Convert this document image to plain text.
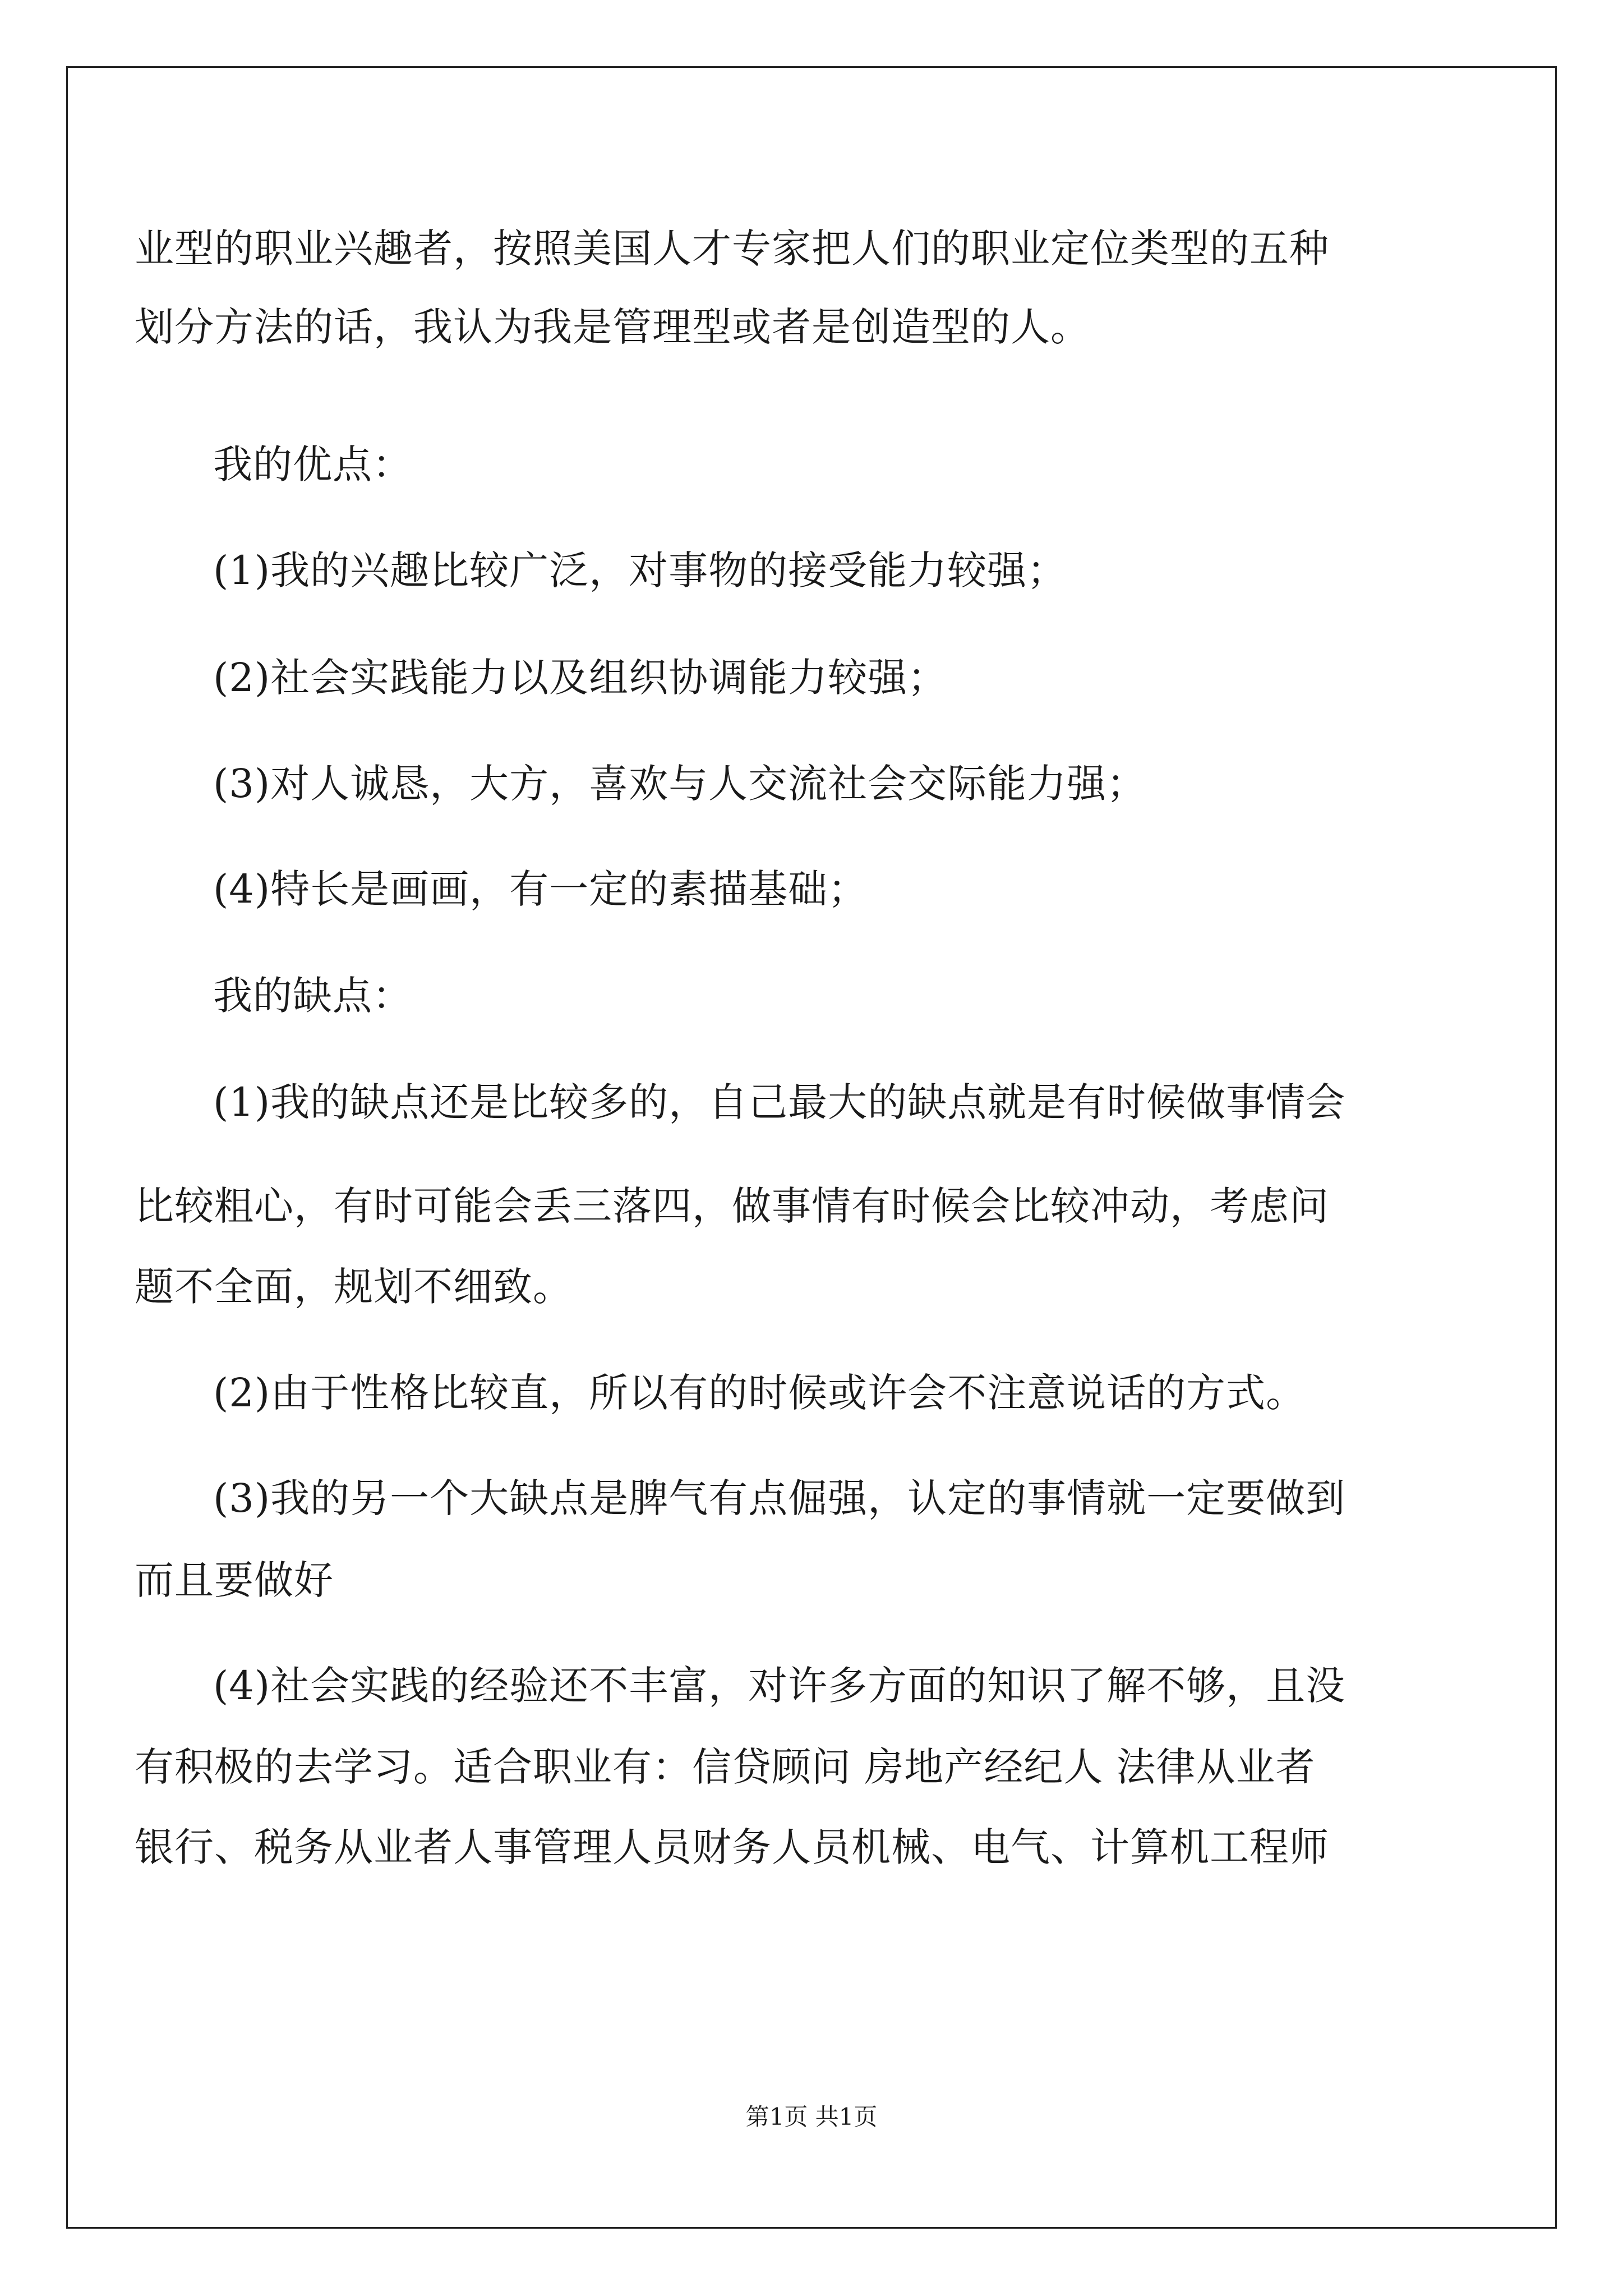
业型的职业兴趣者，按照美国人才专家把人们的职业定位类型的五种
划分方法的话，我认为我是管理型或者是创造型的人。
我的优点：
(1)我的兴趣比较广泛，对事物的接受能力较强；
(2)社会实践能力以及组织协调能力较强；
(3)对人诚恳，大方，喜欢与人交流社会交际能力强；
(4)特长是画画，有一定的素描基础；
我的缺点：
(1)我的缺点还是比较多的，自己最大的缺点就是有时候做事情会
比较粗心，有时可能会丢三落四，做事情有时候会比较冲动，考虑问
题不全面，规划不细致。
(2)由于性格比较直，所以有的时候或许会不注意说话的方式。
(3)我的另一个大缺点是脾气有点倔强，认定的事情就一定要做到
而且要做好
(4)社会实践的经验还不丰富，对许多方面的知识了解不够，且没
有积极的去学习。适合职业有：信贷顾问 房地产经纪人 法律从业者
银行、税务从业者人事管理人员财务人员机械、电气、计算机工程师
第1页 共1页
